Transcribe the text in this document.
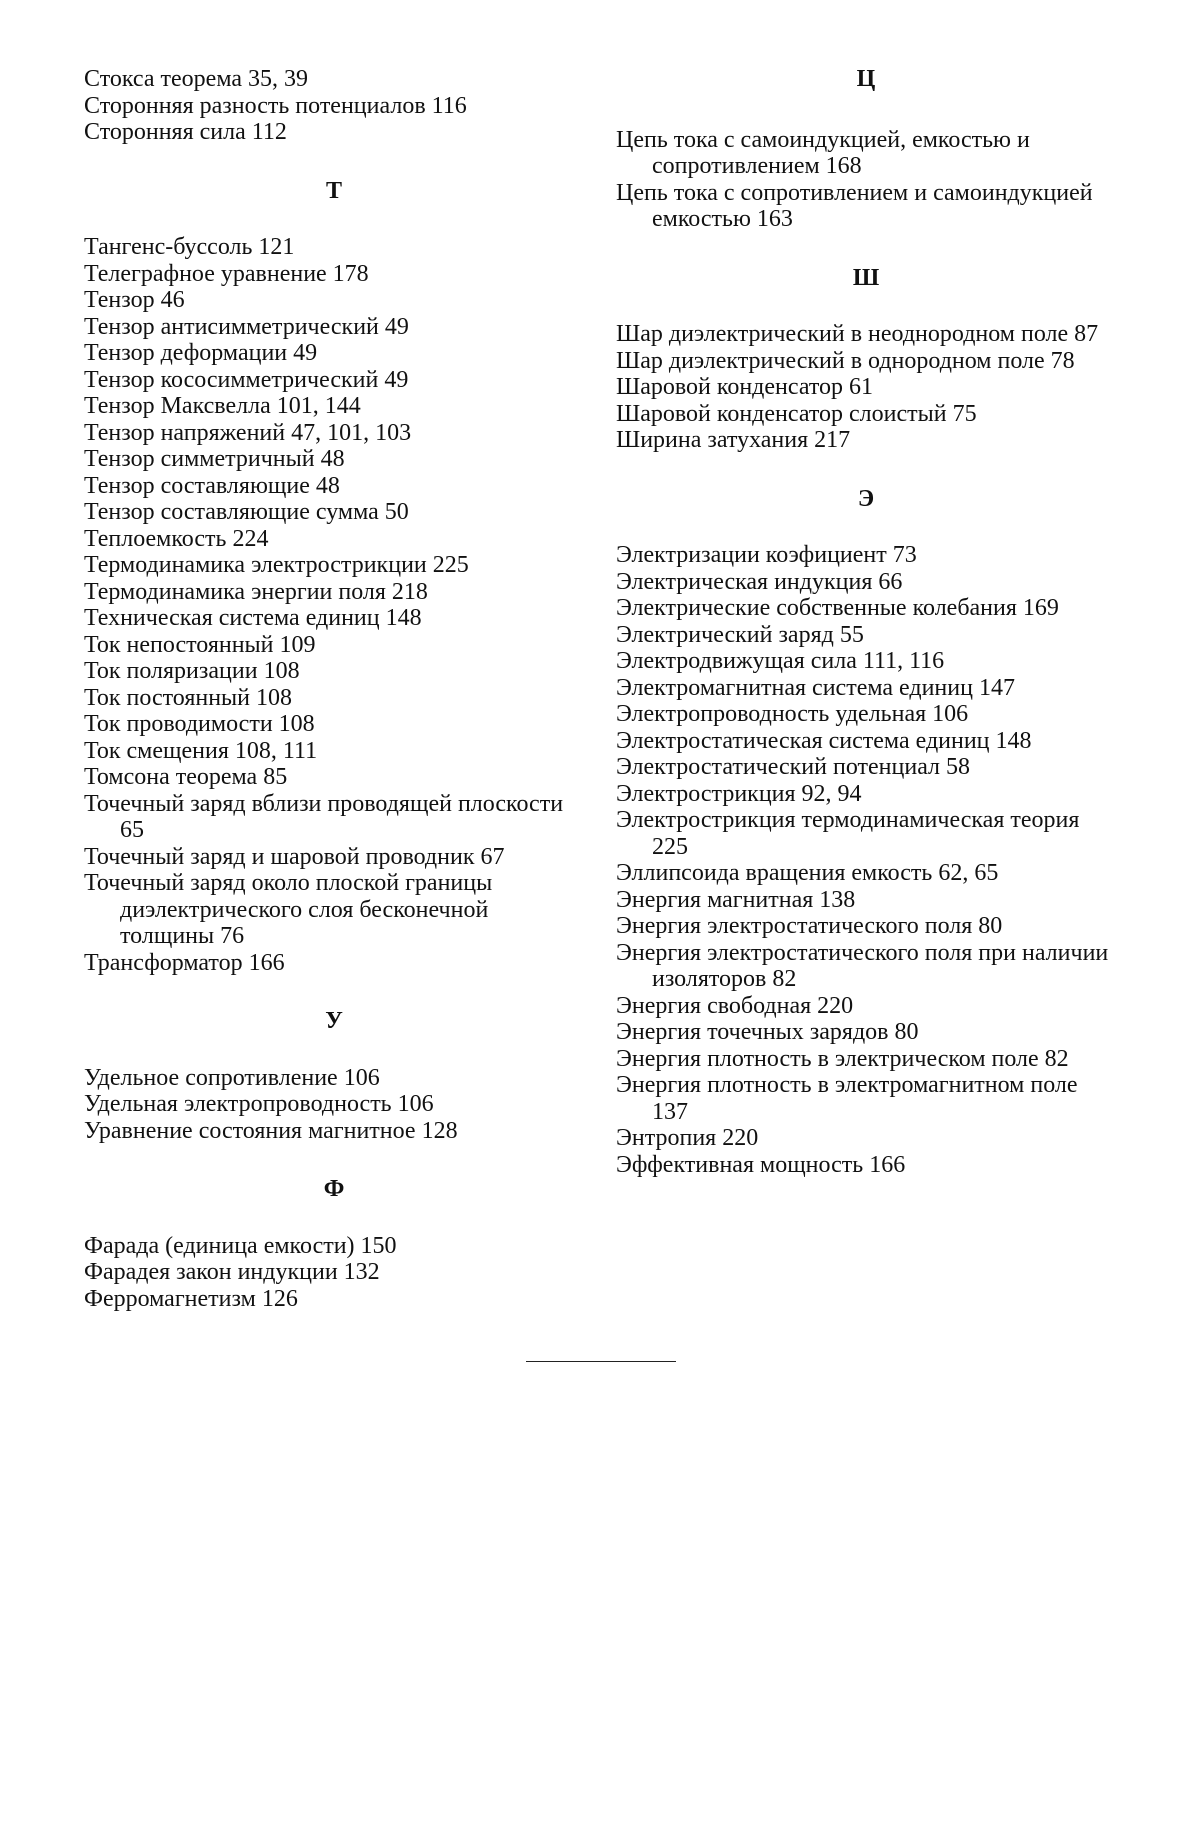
Стокса теорема 35, 39

Сторонняя разность потенциалов 116

Сторонняя сила 112

Т

Тангенс-буссоль 121

Телеграфное уравнение 178

Тензор 46

Тензор антисимметрический 49

Тензор деформации 49

Тензор кососимметрический 49

Тензор Максвелла 101, 144

Тензор напряжений 47, 101, 103

Тензор симметричный 48

Тензор составляющие 48

Тензор составляющие сумма 50

Теплоемкость 224

Термодинамика электрострикции 225

Термодинамика энергии поля 218

Техническая система единиц 148

Ток непостоянный 109

Ток поляризации 108

Ток постоянный 108

Ток проводимости 108

Ток смещения 108, 111

Томсона теорема 85

Точечный заряд вблизи проводящей плоскости 65

Точечный заряд и шаровой проводник 67

Точечный заряд около плоской границы диэлектрического слоя бесконечной толщины 76

Трансформатор 166

У

Удельное сопротивление 106

Удельная электропроводность 106

Уравнение состояния магнитное 128

Ф

Фарада (единица емкости) 150

Фарадея закон индукции 132

Ферромагнетизм 126

Ц

Цепь тока с самоиндукцией, емкостью и сопротивлением 168

Цепь тока с сопротивлением и самоиндукцией емкостью 163

Ш

Шар диэлектрический в неоднородном поле 87

Шар диэлектрический в однородном поле 78

Шаровой конденсатор 61

Шаровой конденсатор слоистый 75

Ширина затухания 217

Э

Электризации коэфициент 73

Электрическая индукция 66

Электрические собственные колебания 169

Электрический заряд 55

Электродвижущая сила 111, 116

Электромагнитная система единиц 147

Электропроводность удельная 106

Электростатическая система единиц 148

Электростатический потенциал 58

Электрострикция 92, 94

Электрострикция термодинамическая теория 225

Эллипсоида вращения емкость 62, 65

Энергия магнитная 138

Энергия электростатического поля 80

Энергия электростатического поля при наличии изоляторов 82

Энергия свободная 220

Энергия точечных зарядов 80

Энергия плотность в электрическом поле 82

Энергия плотность в электромагнитном поле 137

Энтропия 220

Эффективная мощность 166
